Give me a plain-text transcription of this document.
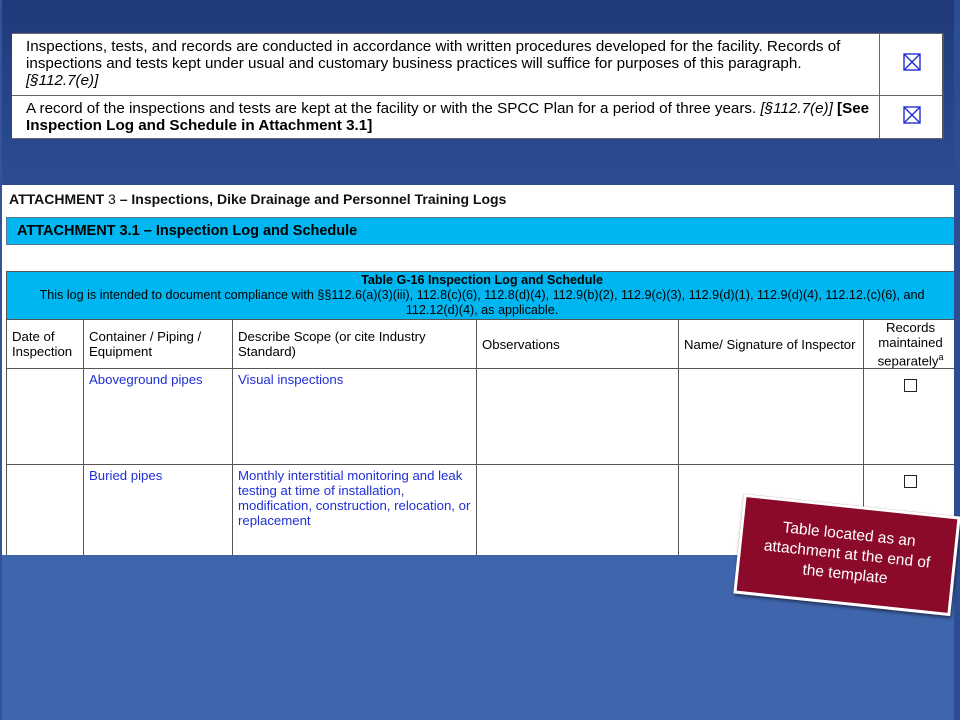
Inspections, tests, and records are conducted in accordance with written procedures developed for the facility. Records of inspections and tests kept under usual and customary business practices will suffice for purposes of this paragraph. [§112.7(e)]	
A record of the inspections and tests are kept at the facility or with the SPCC Plan for a period of three years. [§112.7(e)] [See Inspection Log and Schedule in Attachment 3.1]	
ATTACHMENT 3 – Inspections, Dike Drainage and Personnel Training Logs
ATTACHMENT 3.1 – Inspection Log and Schedule
Table G-16 Inspection Log and Schedule
This log is intended to document compliance with §§112.6(a)(3)(iii), 112.8(c)(6), 112.8(d)(4), 112.9(b)(2), 112.9(c)(3), 112.9(d)(1), 112.9(d)(4), 112.12.(c)(6), and 112.12(d)(4), as applicable.					

Date of Inspection	Container / Piping / Equipment	Describe Scope (or cite Industry Standard)	Observations	Name/ Signature of Inspector	Records maintained separately$^a$
	Aboveground pipes	Visual inspections			
	Buried pipes	Monthly interstitial monitoring and leak testing at time of installation, modification, construction, relocation, or replacement				Table located as an attachment at the end of the template
